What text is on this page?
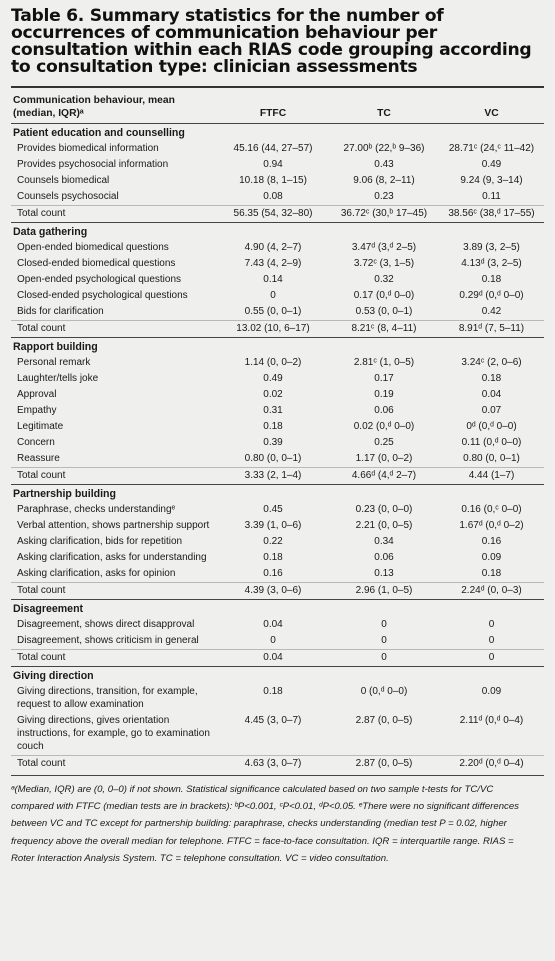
Table 6. Summary statistics for the number of occurrences of communication behaviour per consultation within each RIAS code grouping according to consultation type: clinician assessments
Communication behaviour, mean (median, IQR)ᵃ	FTFC	TC	VC
Patient education and counselling			
Provides biomedical information	45.16 (44, 27–57)	27.00ᵇ (22,ᵇ 9–36)	28.71ᶜ (24,ᶜ 11–42)
Provides psychosocial information	0.94	0.43	0.49
Counsels biomedical	10.18 (8, 1–15)	9.06 (8, 2–11)	9.24 (9, 3–14)
Counsels psychosocial	0.08	0.23	0.11
Total count	56.35 (54, 32–80)	36.72ᶜ (30,ᵇ 17–45)	38.56ᶜ (38,ᵈ 17–55)
Data gathering			
Open-ended biomedical questions	4.90 (4, 2–7)	3.47ᵈ (3,ᵈ 2–5)	3.89 (3, 2–5)
Closed-ended biomedical questions	7.43 (4, 2–9)	3.72ᶜ (3, 1–5)	4.13ᵈ (3, 2–5)
Open-ended psychological questions	0.14	0.32	0.18
Closed-ended psychological questions	0	0.17 (0,ᵈ 0–0)	0.29ᵈ (0,ᵈ 0–0)
Bids for clarification	0.55 (0, 0–1)	0.53 (0, 0–1)	0.42
Total count	13.02 (10, 6–17)	8.21ᶜ (8, 4–11)	8.91ᵈ (7, 5–11)
Rapport building			
Personal remark	1.14 (0, 0–2)	2.81ᶜ (1, 0–5)	3.24ᶜ (2, 0–6)
Laughter/tells joke	0.49	0.17	0.18
Approval	0.02	0.19	0.04
Empathy	0.31	0.06	0.07
Legitimate	0.18	0.02 (0,ᵈ 0–0)	0ᵈ (0,ᵈ 0–0)
Concern	0.39	0.25	0.11 (0,ᵈ 0–0)
Reassure	0.80 (0, 0–1)	1.17 (0, 0–2)	0.80 (0, 0–1)
Total count	3.33 (2, 1–4)	4.66ᵈ (4,ᵈ 2–7)	4.44 (1–7)
Partnership building			
Paraphrase, checks understandingᵉ	0.45	0.23 (0, 0–0)	0.16 (0,ᶜ 0–0)
Verbal attention, shows partnership support	3.39 (1, 0–6)	2.21 (0, 0–5)	1.67ᵈ (0,ᵈ 0–2)
Asking clarification, bids for repetition	0.22	0.34	0.16
Asking clarification, asks for understanding	0.18	0.06	0.09
Asking clarification, asks for opinion	0.16	0.13	0.18
Total count	4.39 (3, 0–6)	2.96 (1, 0–5)	2.24ᵈ (0, 0–3)
Disagreement			
Disagreement, shows direct disapproval	0.04	0	0
Disagreement, shows criticism in general	0	0	0
Total count	0.04	0	0
Giving direction			
Giving directions, transition, for example, request to allow examination	0.18	0 (0,ᵈ 0–0)	0.09
Giving directions, gives orientation instructions, for example, go to examination couch	4.45 (3, 0–7)	2.87 (0, 0–5)	2.11ᵈ (0,ᵈ 0–4)
Total count	4.63 (3, 0–7)	2.87 (0, 0–5)	2.20ᵈ (0,ᵈ 0–4)
ᵃ(Median, IQR) are (0, 0–0) if not shown. Statistical significance calculated based on two sample t-tests for TC/VC compared with FTFC (median tests are in brackets): ᵇP<0.001, ᶜP<0.01, ᵈP<0.05. ᵉThere were no significant differences between VC and TC except for partnership building: paraphrase, checks understanding (median test P = 0.02, higher frequency above the overall median for telephone. FTFC = face-to-face consultation. IQR = interquartile range. RIAS = Roter Interaction Analysis System. TC = telephone consultation. VC = video consultation.
